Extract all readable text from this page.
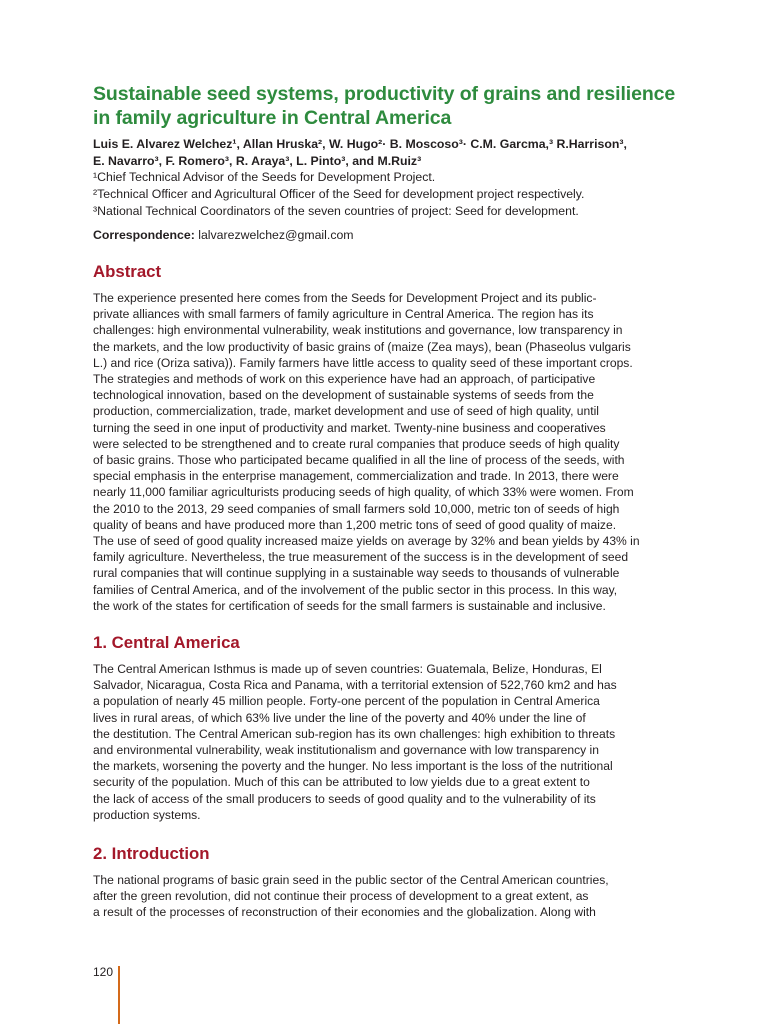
Sustainable seed systems, productivity of grains and resilience in family agriculture in Central America
Luis E. Alvarez Welchez¹, Allan Hruska², W. Hugo²· B. Moscoso³· C.M. Garcma,³ R.Harrison³,
E. Navarro³, F. Romero³, R. Araya³, L. Pinto³, and M.Ruiz³
¹Chief Technical Advisor of the Seeds for Development Project.
²Technical Officer and Agricultural Officer of the Seed for development project respectively.
³National Technical Coordinators of the seven countries of project: Seed for development.
Correspondence: lalvarezwelchez@gmail.com
Abstract
The experience presented here comes from the Seeds for Development Project and its public-
private alliances with small farmers of family agriculture in Central America. The region has its
challenges: high environmental vulnerability, weak institutions and governance, low transparency in
the markets, and the low productivity of basic grains of (maize (Zea mays), bean (Phaseolus vulgaris
L.) and rice (Oriza sativa)). Family farmers have little access to quality seed of these important crops.
The strategies and methods of work on this experience have had an approach, of participative
technological innovation, based on the development of sustainable systems of seeds from the
production, commercialization, trade, market development and use of seed of high quality, until
turning the seed in one input of productivity and market. Twenty-nine business and cooperatives
were selected to be strengthened and to create rural companies that produce seeds of high quality
of basic grains. Those who participated became qualified in all the line of process of the seeds, with
special emphasis in the enterprise management, commercialization and trade. In 2013, there were
nearly 11,000 familiar agriculturists producing seeds of high quality, of which 33% were women. From
the 2010 to the 2013, 29 seed companies of small farmers sold 10,000, metric ton of seeds of high
quality of beans and have produced more than 1,200 metric tons of seed of good quality of maize.
The use of seed of good quality increased maize yields on average by 32% and bean yields by 43% in
family agriculture. Nevertheless, the true measurement of the success is in the development of seed
rural companies that will continue supplying in a sustainable way seeds to thousands of vulnerable
families of Central America, and of the involvement of the public sector in this process. In this way,
the work of the states for certification of seeds for the small farmers is sustainable and inclusive.
1. Central America
The Central American Isthmus is made up of seven countries: Guatemala, Belize, Honduras, El
Salvador, Nicaragua, Costa Rica and Panama, with a territorial extension of 522,760 km2 and has
a population of nearly 45 million people. Forty-one percent of the population in Central America
lives in rural areas, of which 63% live under the line of the poverty and 40% under the line of
the destitution. The Central American sub-region has its own challenges: high exhibition to threats
and environmental vulnerability, weak institutionalism and governance with low transparency in
the markets, worsening the poverty and the hunger. No less important is the loss of the nutritional
security of the population. Much of this can be attributed to low yields due to a great extent to
the lack of access of the small producers to seeds of good quality and to the vulnerability of its
production systems.
2. Introduction
The national programs of basic grain seed in the public sector of the Central American countries,
after the green revolution, did not continue their process of development to a great extent, as
a result of the processes of reconstruction of their economies and the globalization. Along with
120
